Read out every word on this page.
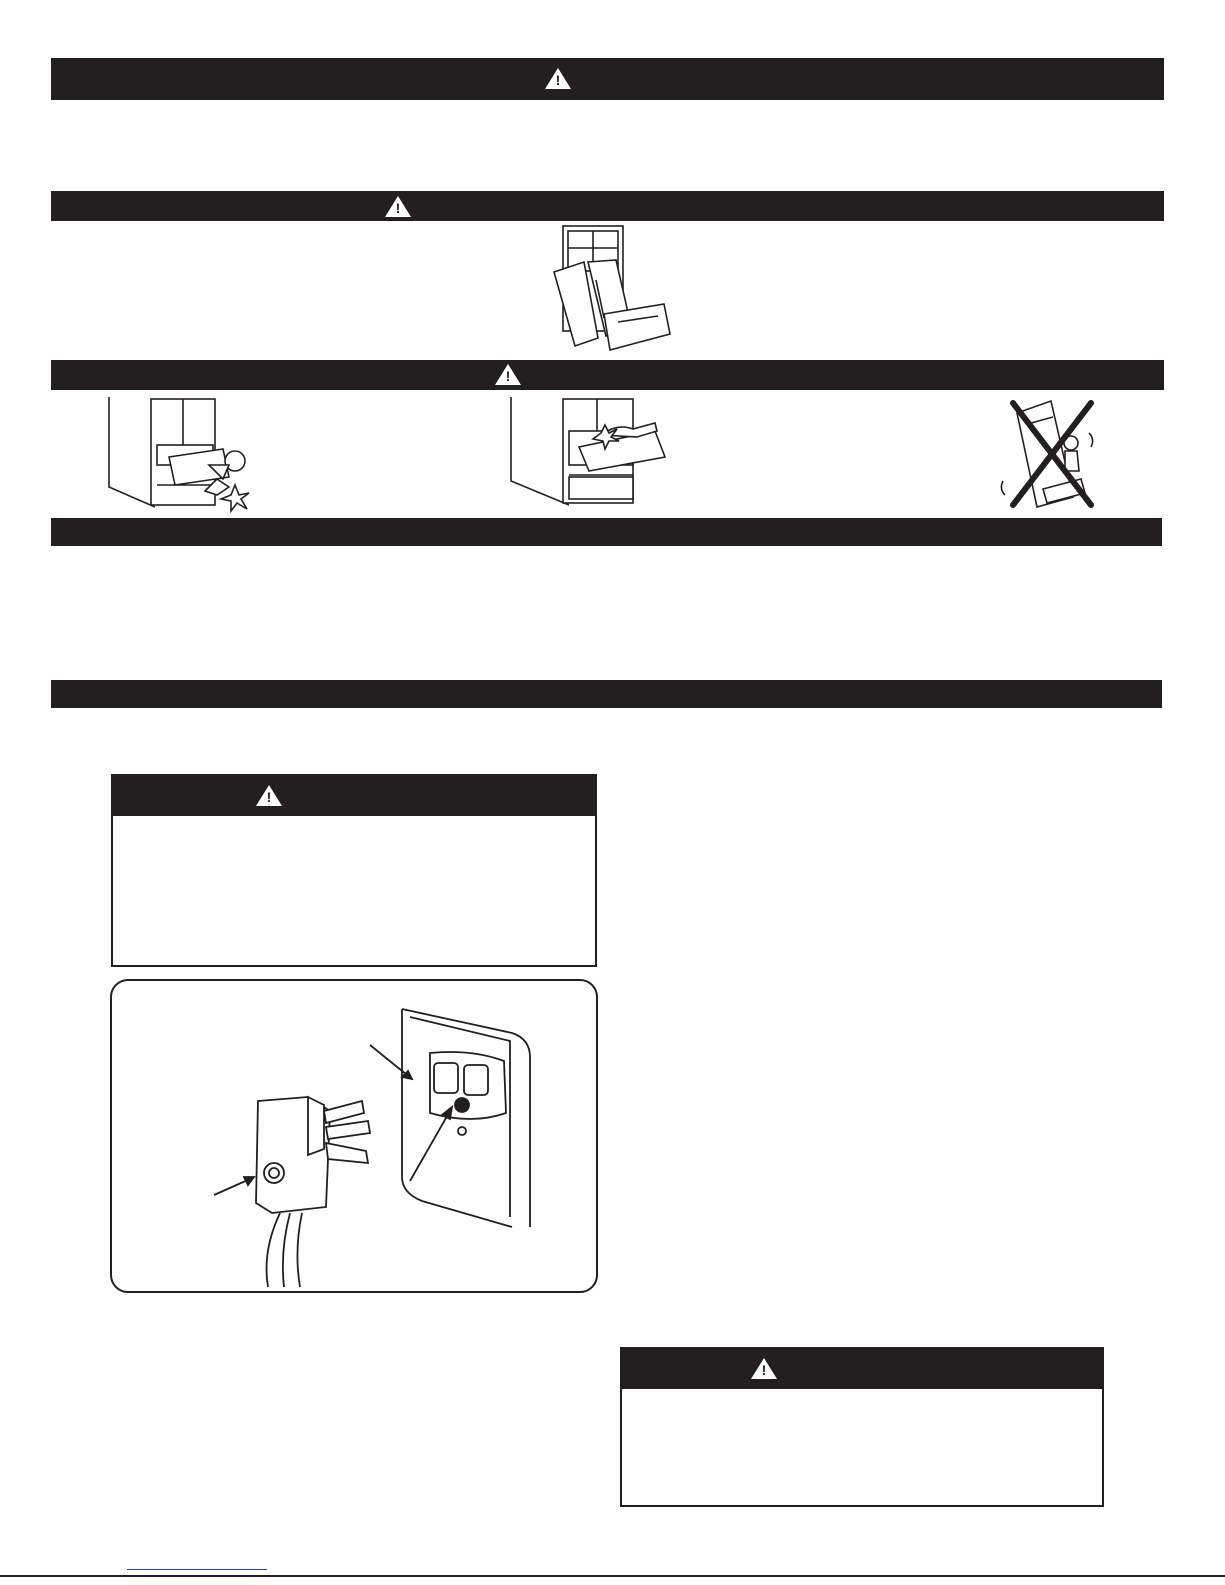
!
!
!
!
!
